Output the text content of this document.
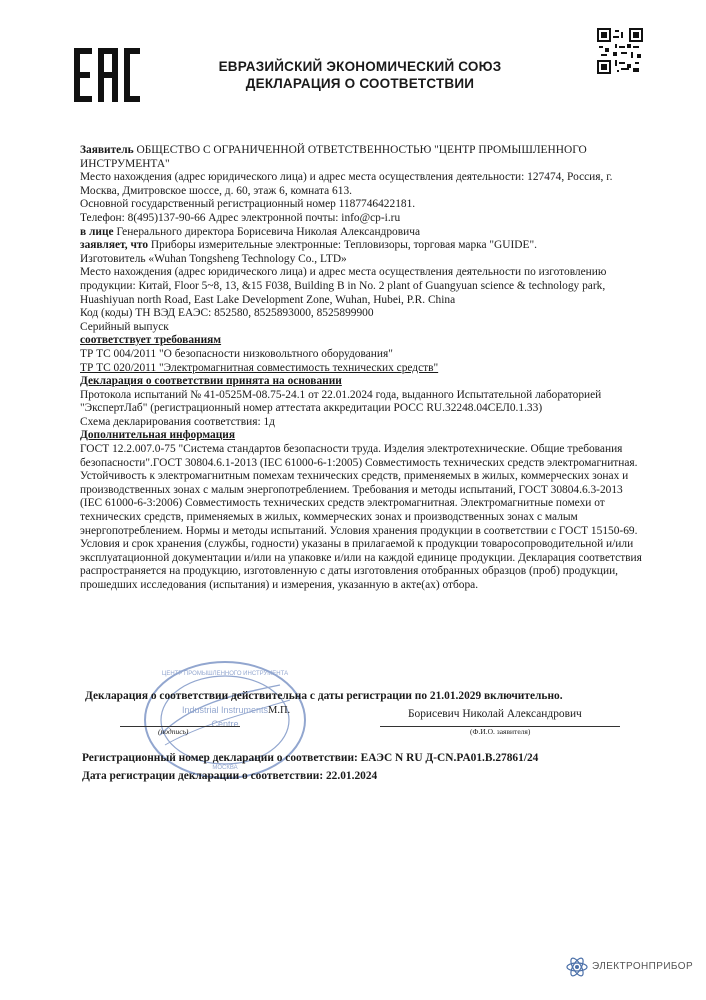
ЕВРАЗИЙСКИЙ ЭКОНОМИЧЕСКИЙ СОЮЗ
ДЕКЛАРАЦИЯ О СООТВЕТСТВИИ

Заявитель ОБЩЕСТВО С ОГРАНИЧЕННОЙ ОТВЕТСТВЕННОСТЬЮ "ЦЕНТР ПРОМЫШЛЕННОГО ИНСТРУМЕНТА"

Место нахождения (адрес юридического лица) и адрес места осуществления деятельности: 127474, Россия, г. Москва, Дмитровское шоссе, д. 60, этаж 6, комната 613.

Основной государственный регистрационный номер 1187746422181.

Телефон: 8(495)137-90-66 Адрес электронной почты: info@cp-i.ru

в лице Генерального директора Борисевича Николая Александровича

заявляет, что Приборы измерительные электронные: Тепловизоры, торговая марка "GUIDE".

Изготовитель «Wuhan Tongsheng Technology Co., LTD»

Место нахождения (адрес юридического лица) и адрес места осуществления деятельности по изготовлению продукции: Китай, Floor 5~8, 13, &15 F038, Building B in No. 2 plant of Guangyuan science & technology park, Huashiyuan north Road, East Lake Development Zone, Wuhan, Hubei, P.R. China

Код (коды) ТН ВЭД ЕАЭС: 852580, 8525893000, 8525899900

Серийный выпуск

соответствует требованиям

ТР ТС 004/2011 "О безопасности низковольтного оборудования"

ТР ТС 020/2011 "Электромагнитная совместимость технических средств"

Декларация о соответствии принята на основании

Протокола испытаний № 41-0525М-08.75-24.1 от 22.01.2024 года, выданного Испытательной лабораторией "ЭкспертЛаб" (регистрационный номер аттестата аккредитации РОСС RU.32248.04СЕЛ0.1.33)

Схема декларирования соответствия: 1д

Дополнительная информация

ГОСТ 12.2.007.0-75 "Система стандартов безопасности труда. Изделия электротехнические. Общие требования безопасности".ГОСТ 30804.6.1-2013 (IEC 61000-6-1:2005) Совместимость технических средств электромагнитная. Устойчивость к электромагнитным помехам технических средств, применяемых в жилых, коммерческих зонах и производственных зонах с малым энергопотреблением. Требования и методы испытаний, ГОСТ 30804.6.3-2013 (IEC 61000-6-3:2006) Совместимость технических средств электромагнитная. Электромагнитные помехи от технических средств, применяемых в жилых, коммерческих зонах и производственных зонах с малым энергопотреблением. Нормы и методы испытаний. Условия хранения продукции в соответствии с ГОСТ 15150-69. Условия и срок хранения (службы, годности) указаны в прилагаемой к продукции товаросопроводительной и/или эксплуатационной документации и/или на упаковке и/или на каждой единице продукции. Декларация соответствия распространяется на продукцию, изготовленную с даты изготовления отобранных образцов (проб) продукции, прошедших исследования (испытания) и измерения, указанную в акте(ах) отбора.

Industrial Instruments
Centre
ЦЕНТР ПРОМЫШЛЕННОГО ИНСТРУМЕНТА
МОСКВА
Декларация о соответствии действительна с даты регистрации по 21.01.2029 включительно.
М.П.	Борисевич Николай Александрович
(подпись)	(Ф.И.О. заявителя)
Регистрационный номер декларации о соответствии: ЕАЭС N RU Д-CN.PA01.B.27861/24
Дата регистрации декларации о соответствии: 22.01.2024
ЭЛЕКТРОНПРИБОР
